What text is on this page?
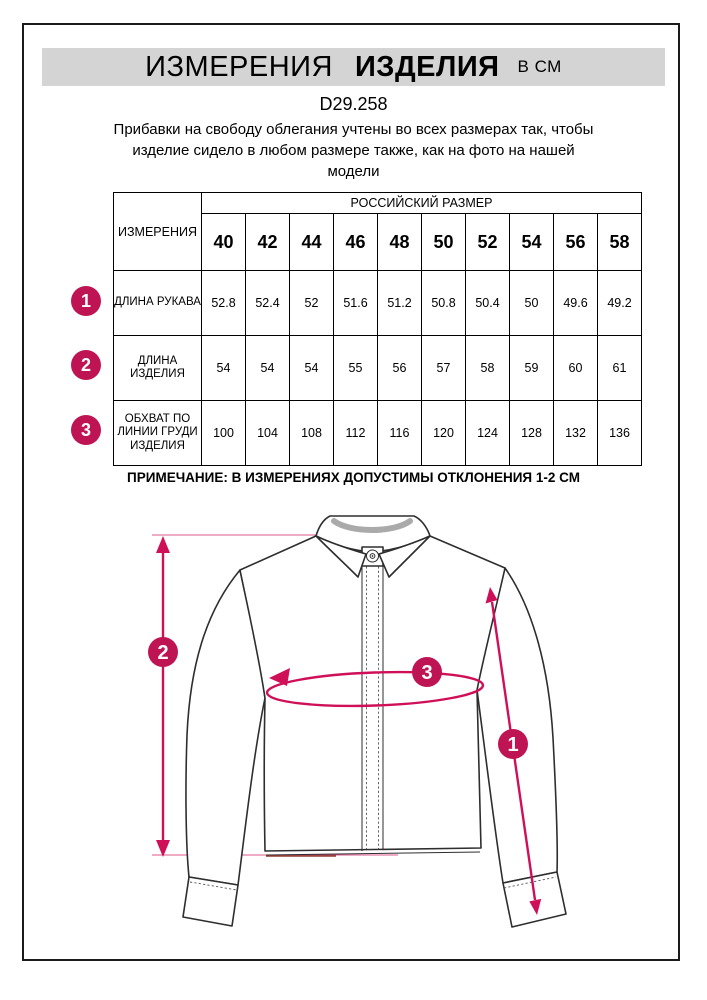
ИЗМЕРЕНИЯ ИЗДЕЛИЯ В СМ
D29.258
Прибавки на свободу облегания учтены во всех размерах так, чтобы
изделие сидело в любом размере также, как на фото на нашей
модели
1
2
3
ИЗМЕРЕНИЯ	РОССИЙСКИЙ РАЗМЕР									
	40	42	44	46	48	50	52	54	56	58
ДЛИНА РУКАВА	52.8	52.4	52	51.6	51.2	50.8	50.4	50	49.6	49.2
ДЛИНА ИЗДЕЛИЯ	54	54	54	55	56	57	58	59	60	61
ОБХВАТ ПО ЛИНИИ ГРУДИ ИЗДЕЛИЯ	100	104	108	112	116	120	124	128	132	136
ПРИМЕЧАНИЕ: В ИЗМЕРЕНИЯХ ДОПУСТИМЫ ОТКЛОНЕНИЯ 1-2 СМ
2
3
1
